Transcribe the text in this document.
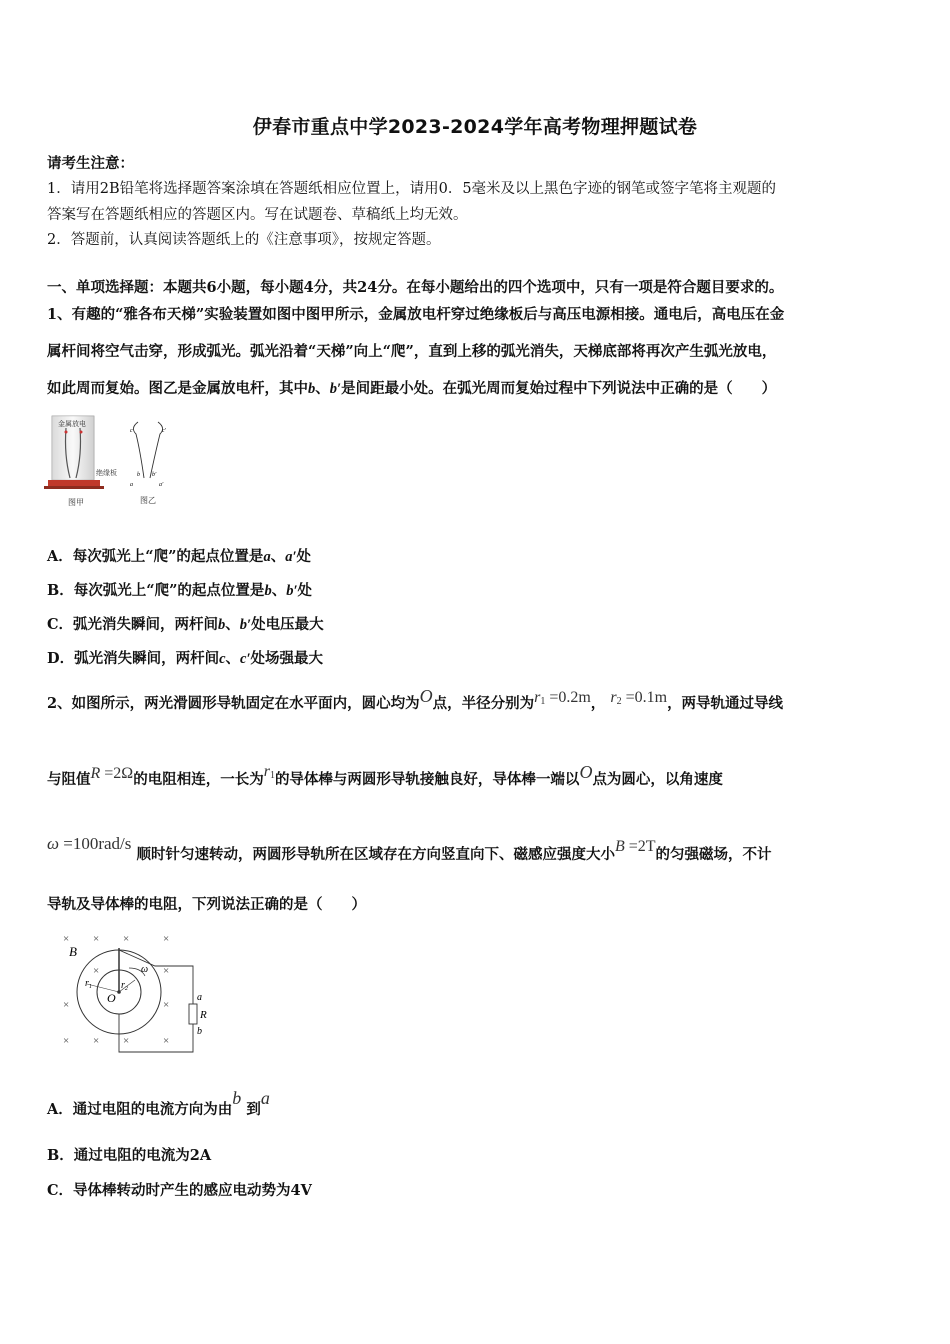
伊春市重点中学2023-2024学年高考物理押题试卷
请考生注意：
1．请用2B铅笔将选择题答案涂填在答题纸相应位置上，请用0．5毫米及以上黑色字迹的钢笔或签字笔将主观题的
答案写在答题纸相应的答题区内。写在试题卷、草稿纸上均无效。
2．答题前，认真阅读答题纸上的《注意事项》，按规定答题。
一、单项选择题：本题共6小题，每小题4分，共24分。在每小题给出的四个选项中，只有一项是符合题目要求的。
1、有趣的“雅各布天梯”实验装置如图中图甲所示，金属放电杆穿过绝缘板后与高压电源相接。通电后，高电压在金
属杆间将空气击穿，形成弧光。弧光沿着“天梯”向上“爬”，直到上移的弧光消失，天梯底部将再次产生弧光放电，
如此周而复始。图乙是金属放电杆，其中b、b′是间距最小处。在弧光周而复始过程中下列说法中正确的是（　　）
金属放电
绝缘板
图甲
c	c′
b b′
a	a′
图乙
A．每次弧光上“爬”的起点位置是a、a′处
B．每次弧光上“爬”的起点位置是b、b′处
C．弧光消失瞬间，两杆间b、b′处电压最大
D．弧光消失瞬间，两杆间c、c′处场强最大
2、如图所示，两光滑圆形导轨固定在水平面内，圆心均为O点，半径分别为$r_1 =0.2m$， $r_2 =0.1m$，两导轨通过导线
与阻值R =2Ω的电阻相连，一长为$r_1$的导体棒与两圆形导轨接触良好，导体棒一端以O点为圆心，以角速度
ω =100rad/s 顺时针匀速转动，两圆形导轨所在区域存在方向竖直向下、磁感应强度大小B =2T的匀强磁场，不计
导轨及导体棒的电阻，下列说法正确的是（　　）
× × ×	×
×	×
×	×
× × ×	×
B
ω
$r_1$	$r_2$
O	a
R
b
A．通过电阻的电流方向为由b 到a
B．通过电阻的电流为2A
C．导体棒转动时产生的感应电动势为4V
